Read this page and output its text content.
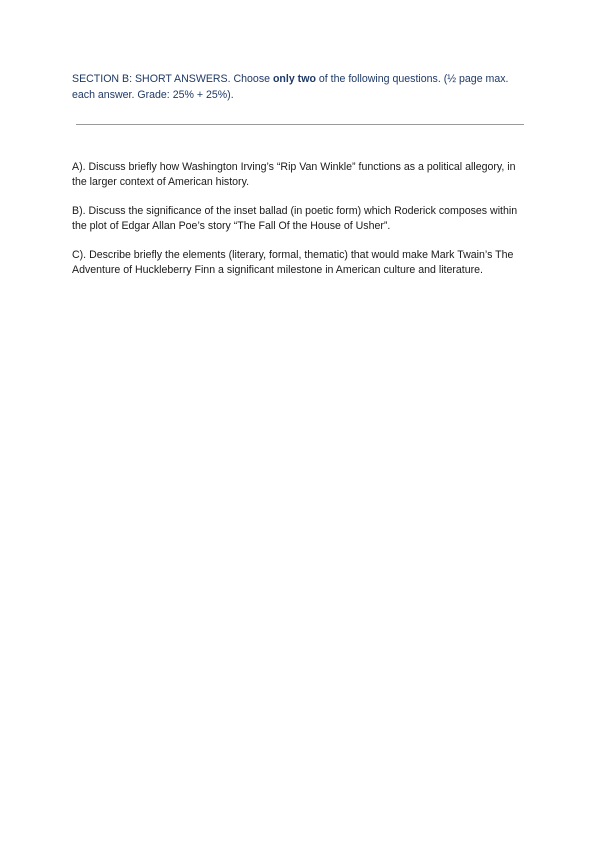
SECTION B: SHORT ANSWERS. Choose only two of the following questions. (½ page max. each answer. Grade: 25% + 25%).
A). Discuss briefly how Washington Irving’s “Rip Van Winkle” functions as a political allegory, in the larger context of American history.
B). Discuss the significance of the inset ballad (in poetic form) which Roderick composes within the plot of Edgar Allan Poe’s story “The Fall Of the House of Usher”.
C). Describe briefly the elements (literary, formal, thematic) that would make Mark Twain’s The Adventure of Huckleberry Finn a significant milestone in American culture and literature.
